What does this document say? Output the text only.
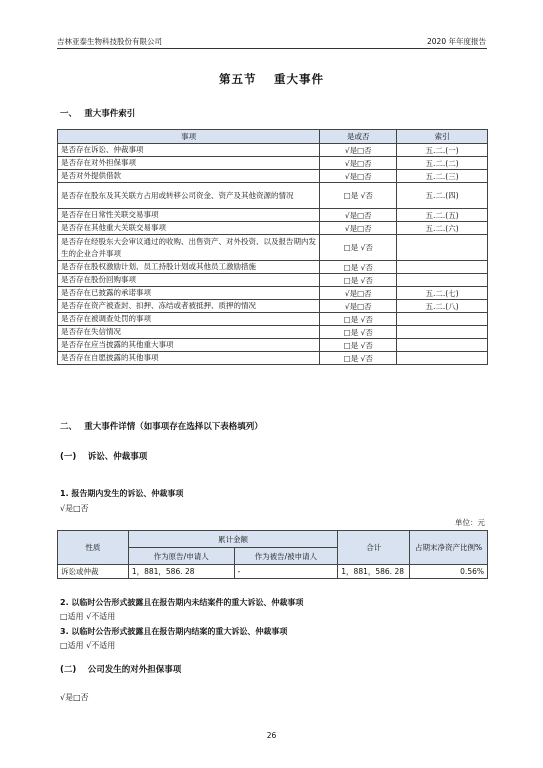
吉林亚泰生物科技股份有限公司	2020 年年度报告
第五节　 重大事件
一、　 重大事件索引
事项	是或否	索引
是否存在诉讼、仲裁事项	√是□否	五.二.(一)
是否存在对外担保事项	√是□否	五.二.(二)
是否对外提供借款	√是□否	五.二.(三)
是否存在股东及其关联方占用或转移公司资金、资产及其他资源的情况	□是 √否	五.二.(四)
是否存在日常性关联交易事项	√是□否	五.二.(五)
是否存在其他重大关联交易事项	√是□否	五.二.(六)
是否存在经股东大会审议通过的收购、出售资产、对外投资、以及报告期内发生的企业合并事项	□是 √否	
是否存在股权激励计划、员工持股计划或其他员工激励措施	□是 √否	
是否存在股份回购事项	□是 √否	
是否存在已披露的承诺事项	√是□否	五.二.(七)
是否存在资产被查封、扣押、冻结或者被抵押、质押的情况	√是□否	五.二.(八)
是否存在被调查处罚的事项	□是 √否	
是否存在失信情况	□是 √否	
是否存在应当披露的其他重大事项	□是 √否	
是否存在自愿披露的其他事项	□是 √否	
二、　 重大事件详情（如事项存在选择以下表格填列）
(一)　 诉讼、仲裁事项
1. 报告期内发生的诉讼、仲裁事项
√是□否
单位：元
性质	累计金额		合计	占期末净资产比例%
	作为原告/申请人	作为被告/被申请人		
诉讼或仲裁	1，881，586. 28	-	1，881，586. 28	0.56%
2. 以临时公告形式披露且在报告期内未结案件的重大诉讼、仲裁事项
□适用 √不适用
3. 以临时公告形式披露且在报告期内结案的重大诉讼、仲裁事项
□适用 √不适用
(二)　 公司发生的对外担保事项
√是□否
26
